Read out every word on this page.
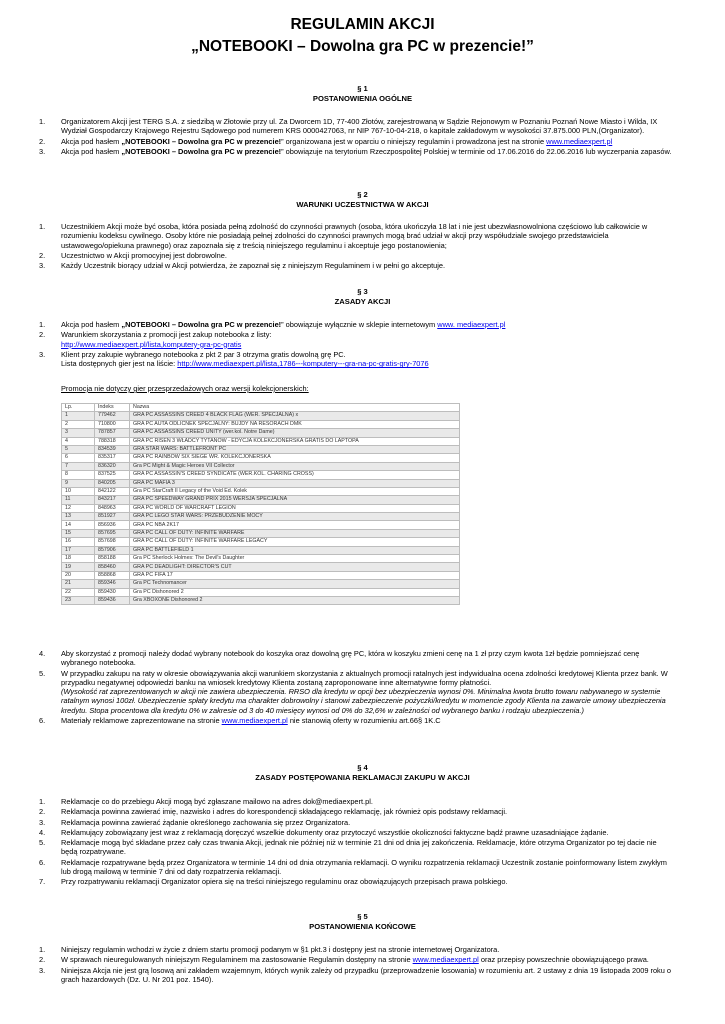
REGULAMIN AKCJI
„NOTEBOOKI – Dowolna gra PC w prezencie!”
§ 1
POSTANOWIENIA OGÓLNE
1. Organizatorem Akcji jest TERG S.A. z siedzibą w Złotowie przy ul. Za Dworcem 1D, 77-400 Złotów, zarejestrowaną w Sądzie Rejonowym w Poznaniu Poznań Nowe Miasto i Wilda, IX Wydział Gospodarczy Krajowego Rejestru Sądowego pod numerem KRS 0000427063, nr NIP 767-10-04-218, o kapitale zakładowym w wysokości 37.875.000 PLN,(Organizator).
2. Akcja pod hasłem „NOTEBOOKI – Dowolna gra PC w prezencie!” organizowana jest w oparciu o niniejszy regulamin i prowadzona jest na stronie www.mediaexpert.pl
3. Akcja pod hasłem „NOTEBOOKI – Dowolna gra PC w prezencie!” obowiązuje na terytorium Rzeczpospolitej Polskiej w terminie od 17.06.2016 do 22.06.2016 lub wyczerpania zapasów.
§ 2
WARUNKI UCZESTNICTWA W AKCJI
1. Uczestnikiem Akcji może być osoba, która posiada pełną zdolność do czynności prawnych (osoba, która ukończyła 18 lat i nie jest ubezwłasnowolniona częściowo lub całkowicie w rozumieniu kodeksu cywilnego. Osoby które nie posiadają pełnej zdolności do czynności prawnych mogą brać udział w akcji przy współudziale swojego przedstawiciela ustawowego/opiekuna prawnego) oraz zapoznała się z treścią niniejszego regulaminu i akceptuje jego postanowienia;
2. Uczestnictwo w Akcji promocyjnej jest dobrowolne.
3. Każdy Uczestnik biorący udział w Akcji potwierdza, że zapoznał się z niniejszym Regulaminem i w pełni go akceptuje.
§ 3
ZASADY AKCJI
1. Akcja pod hasłem „NOTEBOOKI – Dowolna gra PC w prezencie!” obowiązuje wyłącznie w sklepie internetowym www. mediaexpert.pl
2. Warunkiem skorzystania z promocji jest zakup notebooka z listy:
http://www.mediaexpert.pl/lista,komputery-gra-pc-gratis
3. Klient przy zakupie wybranego notebooka z pkt 2 par 3 otrzyma gratis dowolną grę PC.
Lista dostępnych gier jest na liście: http://www.mediaexpert.pl/lista,1786---komputery---gra-na-pc-gratis-gry-7076
Promocja nie dotyczy gier przesprzedażowych oraz wersji kolekcjonerskich:
Lp.	Indeks	Nazwa
1	779462	GRA PC ASSASSINS CREED 4 BLACK FLAG (WER. SPECJALNA) x
2	710800	GRA PC AUTA ODLICNEK SPECJALNY: BUJDY NA RESORACH DMK
3	787857	GRA PC ASSASSINS CREED UNITY (wer.kol. Notre Dame)
4	788318	GRA PC RISEN 3 WŁADCY TYTANÓW - EDYCJA KOLEKCJONERSKA GRATIS DO LAPTOPA
5	834539	GRA STAR WARS: BATTLEFRONT PC
6	835317	GRA PC RAINBOW SIX SIEGE WR. KOLEKCJONERSKA
7	836320	Gra PC Might & Magic Heroes VII Collector
8	837525	GRA PC ASSASSIN'S CREED SYNDICATE (WER.KOL. CHARING CROSS)
9	840205	GRA PC MAFIA 3
10	842122	Gra PC StarCraft II Legacy of the Void Ed. Kolek
11	843217	GRA PC SPEEDWAY GRAND PRIX 2015 WERSJA SPECJALNA
12	848963	GRA PC WORLD OF WARCRAFT LEGION
13	851927	GRA PC LEGO STAR WARS: PRZEBUDZENIE MOCY
14	856936	GRA PC NBA 2K17
15	857695	GRA PC CALL OF DUTY: INFINITE WARFARE
16	857698	GRA PC CALL OF DUTY: INFINITE WARFARE LEGACY
17	857906	GRA PC BATTLEFIELD 1
18	858188	Gra PC Sherlock Holmes: The Devil's Daughter
19	858460	GRA PC DEADLIGHT: DIRECTOR'S CUT
20	858868	GRA PC FIFA 17
21	859346	Gra PC Technomancer
22	859430	Gra PC Dishonored 2
23	859436	Gra XBOXONE Dishonored 2
4. Aby skorzystać z promocji należy dodać wybrany notebook do koszyka oraz dowolną grę PC, która w koszyku zmieni cenę na 1 zł przy czym kwota 1zł będzie pomniejszać cenę wybranego notebooka.
5. W przypadku zakupu na raty w okresie obowiązywania akcji warunkiem skorzystania z aktualnych promocji ratalnych jest indywidualna ocena zdolności kredytowej Klienta przez bank. W przypadku negatywnej odpowiedzi banku na wniosek kredytowy Klienta zostaną zaproponowane inne alternatywne formy płatności.
(Wysokość rat zaprezentowanych w akcji nie zawiera ubezpieczenia. RRSO dla kredytu w opcji bez ubezpieczenia wynosi 0%. Minimalna kwota brutto towaru nabywanego w systemie ratalnym wynosi 100zł. Ubezpieczenie spłaty kredytu ma charakter dobrowolny i stanowi zabezpieczenie pożyczki/kredytu w momencie zgody Klienta na zawarcie umowy ubezpieczenia kredytu. Stopa procentowa dla kredytu 0% w zakresie od 3 do 40 miesięcy wynosi od 0% do 32,6% w zależności od wybranego banku i rodzaju ubezpieczenia.)
6. Materiały reklamowe zaprezentowane na stronie www.mediaexpert.pl nie stanowią oferty w rozumieniu art.66§ 1K.C
§ 4
ZASADY POSTĘPOWANIA REKLAMACJI ZAKUPU W AKCJI
1. Reklamacje co do przebiegu Akcji mogą być zgłaszane mailowo na adres dok@mediaexpert.pl.
2. Reklamacja powinna zawierać imię, nazwisko i adres do korespondencji składającego reklamację, jak również opis podstawy reklamacji.
3. Reklamacja powinna zawierać żądanie określonego zachowania się przez Organizatora.
4. Reklamujący zobowiązany jest wraz z reklamacją doręczyć wszelkie dokumenty oraz przytoczyć wszystkie okoliczności faktyczne bądź prawne uzasadniające żądanie.
5. Reklamacje mogą być składane przez cały czas trwania Akcji, jednak nie później niż w terminie 21 dni od dnia jej zakończenia. Reklamacje, które otrzyma Organizator po tej dacie nie będą rozpatrywane.
6. Reklamacje rozpatrywane będą przez Organizatora w terminie 14 dni od dnia otrzymania reklamacji. O wyniku rozpatrzenia reklamacji Uczestnik zostanie poinformowany listem zwykłym lub drogą mailową w terminie 7 dni od daty rozpatrzenia reklamacji.
7. Przy rozpatrywaniu reklamacji Organizator opiera się na treści niniejszego regulaminu oraz obowiązujących przepisach prawa polskiego.
§ 5
POSTANOWIENIA KOŃCOWE
1. Niniejszy regulamin wchodzi w życie z dniem startu promocji podanym w §1 pkt.3 i dostępny jest na stronie internetowej Organizatora.
2. W sprawach nieuregulowanych niniejszym Regulaminem ma zastosowanie Regulamin dostępny na stronie www.mediaexpert.pl oraz przepisy powszechnie obowiązującego prawa.
3. Niniejsza Akcja nie jest grą losową ani zakładem wzajemnym, których wynik zależy od przypadku (przeprowadzenie losowania) w rozumieniu art. 2 ustawy z dnia 19 listopada 2009 roku o grach hazardowych (Dz. U. Nr 201 poz. 1540).
